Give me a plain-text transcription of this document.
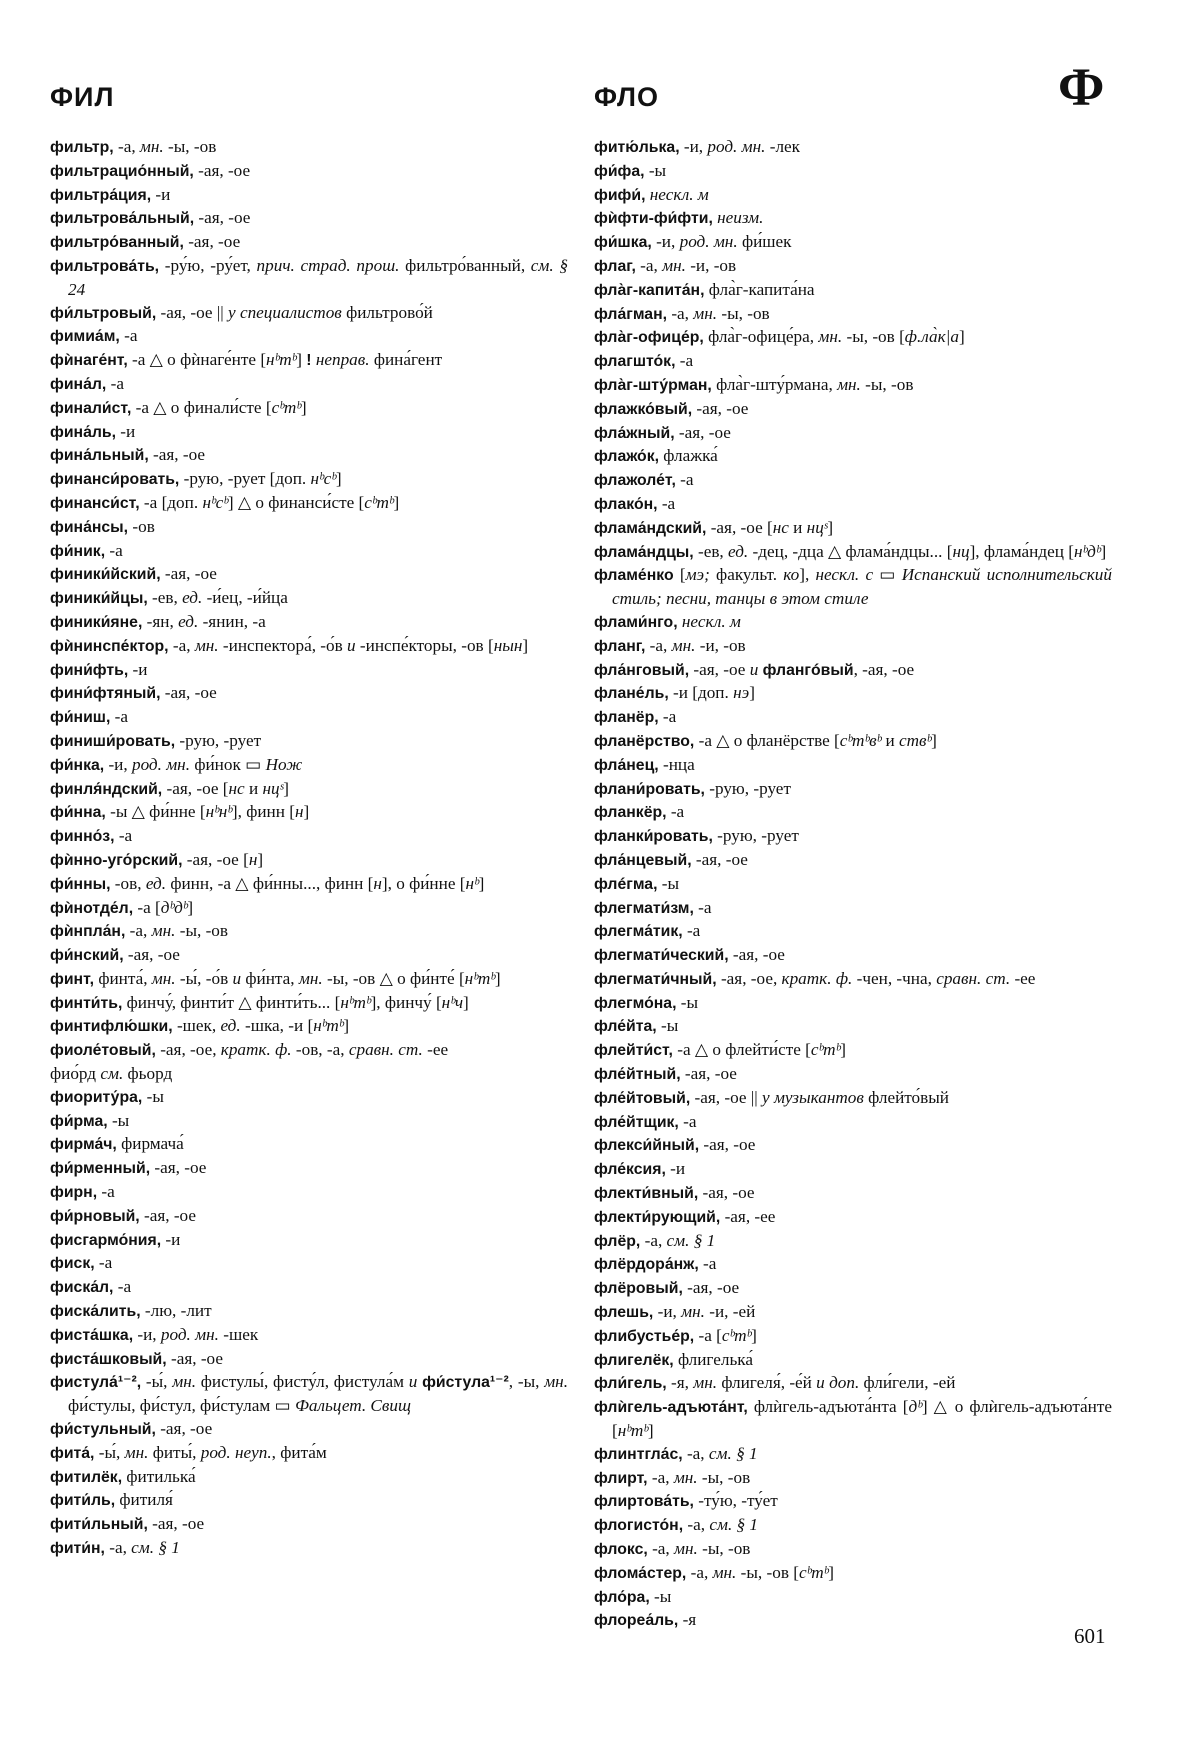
ФИЛ	ФЛО	Ф

фильтр, -а, мн. -ы, -ов

фильтрацио́нный, -ая, -ое

фильтра́ция, -и

фильтрова́льный, -ая, -ое

фильтро́ванный, -ая, -ое

фильтрова́ть, -ру́ю, -ру́ет, прич. страд. прош. фильтро́ванный, см. § 24

фи́льтровый, -ая, -ое || у специалистов фильтрово́й

фимиа́м, -а

фѝнаге́нт, -а △ о фѝнаге́нте [нᵇтᵇ] ! неправ. фина́гент

фина́л, -а

финали́ст, -а △ о финали́сте [сᵇтᵇ]

фина́ль, -и

фина́льный, -ая, -ое

финанси́ровать, -рую, -рует [доп. нᵇсᵇ]

финанси́ст, -а [доп. нᵇсᵇ] △ о финанси́сте [сᵇтᵇ]

фина́нсы, -ов

фи́ник, -а

финики́йский, -ая, -ое

финики́йцы, -ев, ед. -и́ец, -и́йца

финики́яне, -ян, ед. -янин, -а

фѝнинспе́ктор, -а, мн. -инспектора́, -о́в и -инспе́кторы, -ов [нын]

фини́фть, -и

фини́фтяный, -ая, -ое

фи́ниш, -а

финиши́ровать, -рую, -рует

фи́нка, -и, род. мн. фи́нок ▭ Нож

финля́ндский, -ая, -ое [нс и нцˢ]

фи́нна, -ы △ фи́нне [нᵇнᵇ], финн [н]

финно́з, -а

фѝнно-уго́рский, -ая, -ое [н]

фи́нны, -ов, ед. финн, -а △ фи́нны..., финн [н], о фи́нне [нᵇ]

фѝнотде́л, -а [дᵇдᵇ]

фѝнпла́н, -а, мн. -ы, -ов

фи́нский, -ая, -ое

финт, финта́, мн. -ы́, -о́в и фи́нта, мн. -ы, -ов △ о фи́нте́ [нᵇтᵇ]

финти́ть, финчу́, финти́т △ финти́ть... [нᵇтᵇ], финчу́ [нᵇч]

финтифлю́шки, -шек, ед. -шка, -и [нᵇтᵇ]

фиоле́товый, -ая, -ое, кратк. ф. -ов, -а, сравн. ст. -ее

фио́рд см. фьорд

фиориту́ра, -ы

фи́рма, -ы

фирма́ч, фирмача́

фи́рменный, -ая, -ое

фирн, -а

фи́рновый, -ая, -ое

фисгармо́ния, -и

фиск, -а

фиска́л, -а

фиска́лить, -лю, -лит

фиста́шка, -и, род. мн. -шек

фиста́шковый, -ая, -ое

фистула́¹⁻², -ы́, мн. фистулы́, фисту́л, фистула́м и фи́стула¹⁻², -ы, мн. фи́стулы, фи́стул, фи́стулам ▭ Фальцет. Свищ

фи́стульный, -ая, -ое

фита́, -ы́, мн. фиты́, род. неуп., фита́м

фитилёк, фитилька́

фити́ль, фитиля́

фити́льный, -ая, -ое

фити́н, -а, см. § 1

фитю́лька, -и, род. мн. -лек

фи́фа, -ы

фифи́, нескл. м

фѝфти-фи́фти, неизм.

фи́шка, -и, род. мн. фи́шек

флаг, -а, мн. -и, -ов

фла̀г-капита́н, фла̀г-капита́на

фла́гман, -а, мн. -ы, -ов

фла̀г-офице́р, фла̀г-офице́ра, мн. -ы, -ов [ф.ла̀к|а]

флагшто́к, -а

фла̀г-шту́рман, фла̀г-шту́рмана, мн. -ы, -ов

флажко́вый, -ая, -ое

фла́жный, -ая, -ое

флажо́к, флажка́

флажоле́т, -а

флако́н, -а

флама́ндский, -ая, -ое [нс и нцˢ]

флама́ндцы, -ев, ед. -дец, -дца △ флама́ндцы... [нц], флама́ндец [нᵇдᵇ]

фламе́нко [мэ; факульт. ко], нескл. с ▭ Испанский исполнительский стиль; песни, танцы в этом стиле

флами́нго, нескл. м

фланг, -а, мн. -и, -ов

фла́нговый, -ая, -ое и флангóвый, -ая, -ое

флане́ль, -и [доп. нэ]

фланёр, -а

фланёрство, -а △ о фланёрстве [сᵇтᵇвᵇ и ствᵇ]

фла́нец, -нца

флани́ровать, -рую, -рует

фланкёр, -а

фланки́ровать, -рую, -рует

фла́нцевый, -ая, -ое

флéгма, -ы

флегмати́зм, -а

флегма́тик, -а

флегмати́ческий, -ая, -ое

флегмати́чный, -ая, -ое, кратк. ф. -чен, -чна, сравн. ст. -ее

флегмо́на, -ы

фле́йта, -ы

флейти́ст, -а △ о флейти́сте [сᵇтᵇ]

фле́йтный, -ая, -ое

фле́йтовый, -ая, -ое || у музыкантов флейто́вый

фле́йтщик, -а

флекси́йный, -ая, -ое

фле́ксия, -и

флекти́вный, -ая, -ое

флекти́рующий, -ая, -ее

флёр, -а, см. § 1

флёрдора́нж, -а

флёровый, -ая, -ое

флешь, -и, мн. -и, -ей

флибустье́р, -а [сᵇтᵇ]

флигелёк, флигелька́

фли́гель, -я, мн. флигеля́, -е́й и доп. фли́гели, -ей

флѝгель-адъюта́нт, флѝгель-адъюта́нта [дᵇ] △ о флѝгель-адъюта́нте [нᵇтᵇ]

флинтгла́с, -а, см. § 1

флирт, -а, мн. -ы, -ов

флиртова́ть, -ту́ю, -ту́ет

флогисто́н, -а, см. § 1

флокс, -а, мн. -ы, -ов

флома́стер, -а, мн. -ы, -ов [сᵇтᵇ]

фло́ра, -ы

флореа́ль, -я

601
